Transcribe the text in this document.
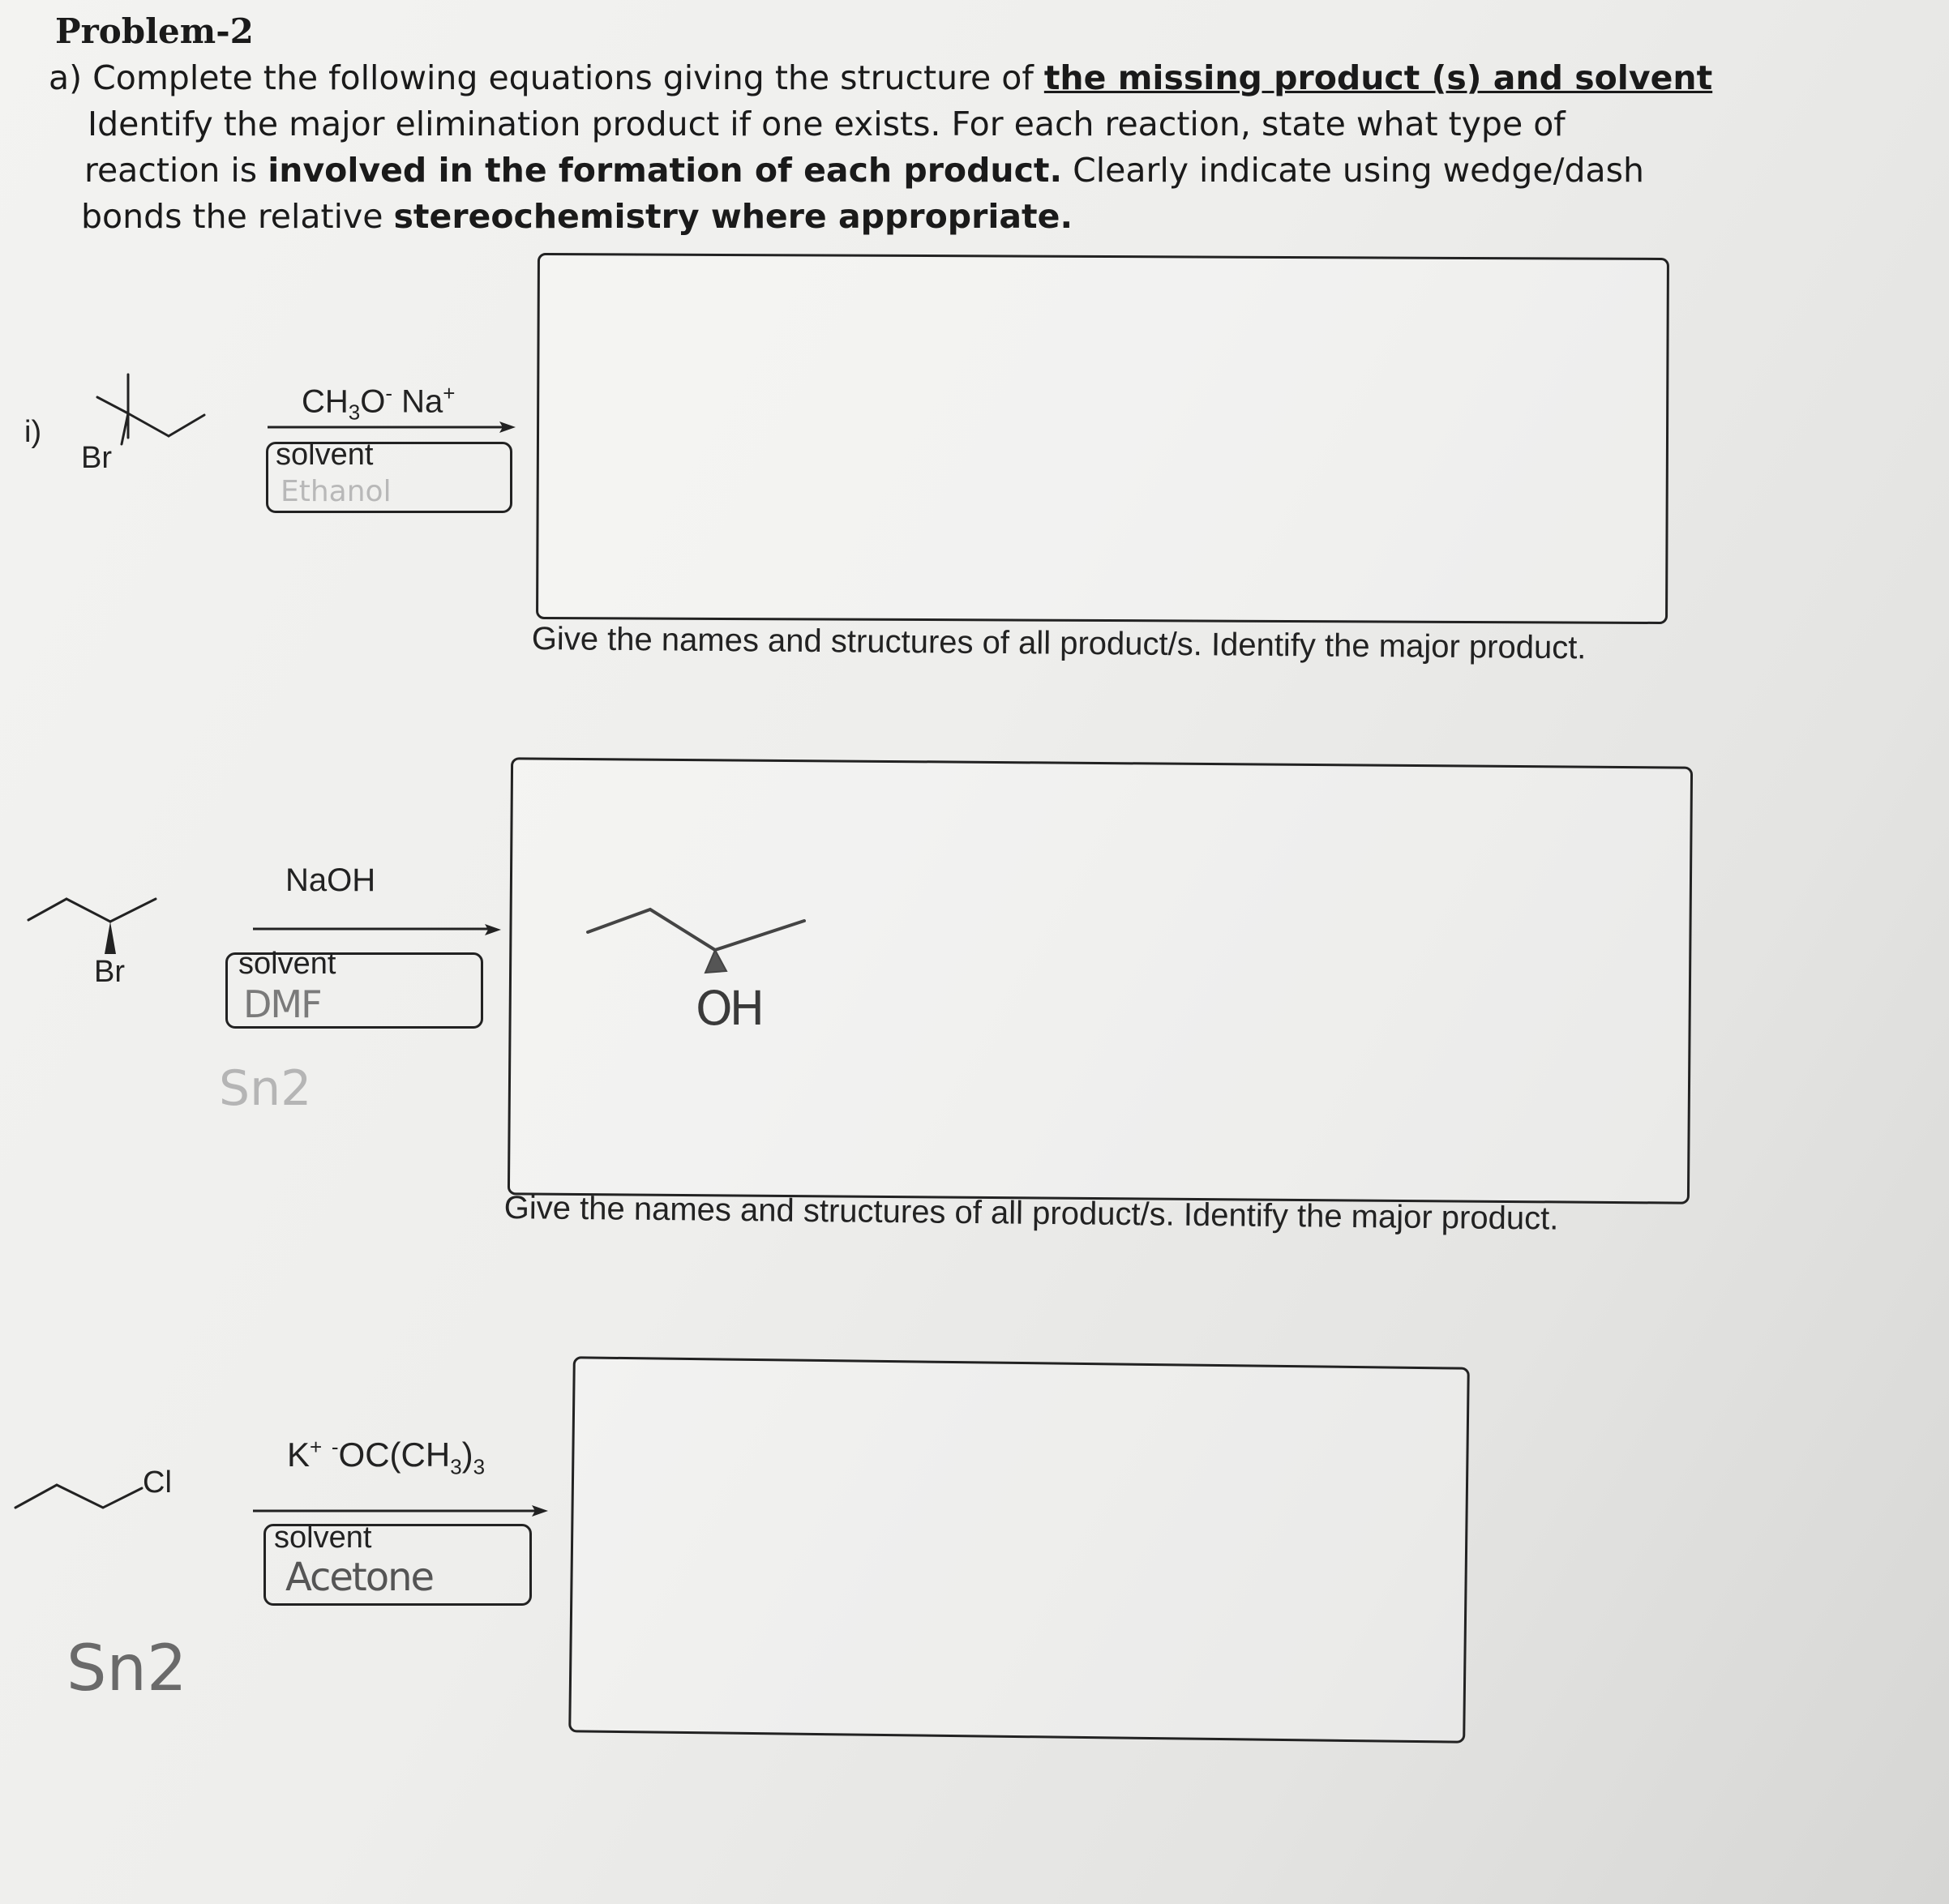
Problem-2
a) Complete the following equations giving the structure of the missing product (s) and solvent
Identify the major elimination product if one exists. For each reaction, state what type of
reaction is involved in the formation of each product. Clearly indicate using wedge/dash
bonds the relative stereochemistry where appropriate.
i)
Br
$CH_3O^-$ Na+
solvent
Ethanol
Give the names and structures of all product/s. Identify the major product.
Br
NaOH
solvent
DMF
Sn2
OH
Give the names and structures of all product/s. Identify the major product.
Cl
Sn2
K+ $^-OC(CH_3)_3$
solvent
Acetone
